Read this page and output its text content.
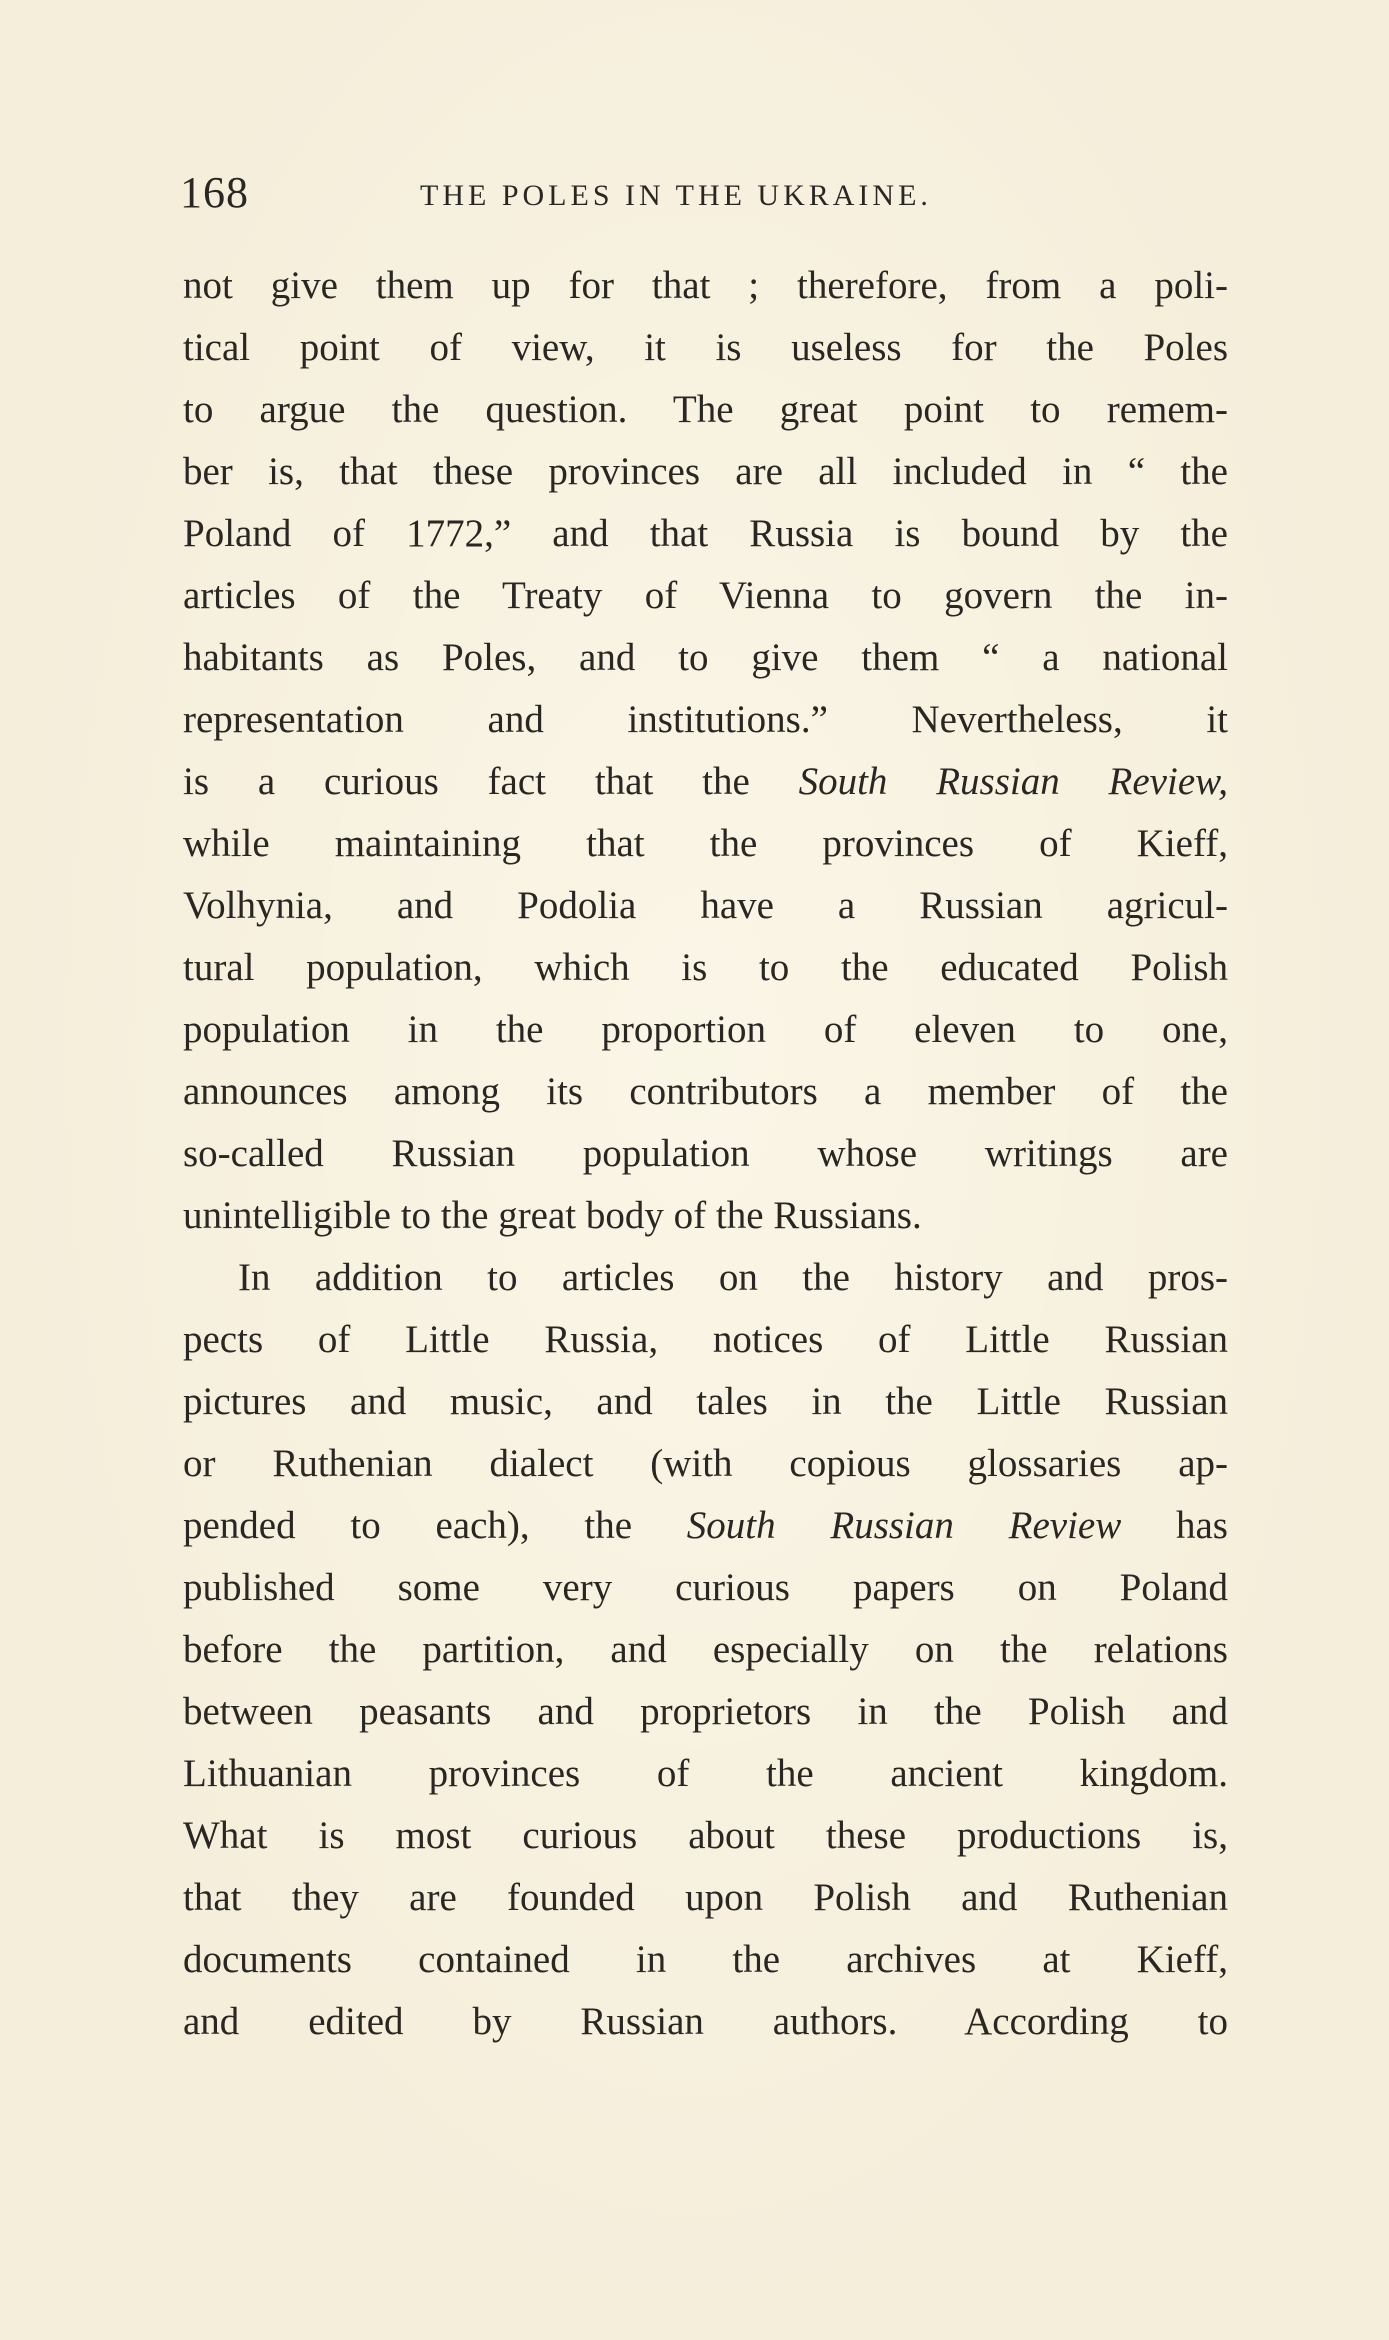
168	THE POLES IN THE UKRAINE.
not give them up for that ; therefore, from a poli-
tical point of view, it is useless for the Poles
to argue the question. The great point to remem-
ber is, that these provinces are all included in “ the
Poland of 1772,” and that Russia is bound by the
articles of the Treaty of Vienna to govern the in-
habitants as Poles, and to give them “ a national
representation and institutions.” Nevertheless, it
is a curious fact that the South Russian Review,
while maintaining that the provinces of Kieff,
Volhynia, and Podolia have a Russian agricul-
tural population, which is to the educated Polish
population in the proportion of eleven to one,
announces among its contributors a member of the
so-called Russian population whose writings are
unintelligible to the great body of the Russians.
In addition to articles on the history and pros-
pects of Little Russia, notices of Little Russian
pictures and music, and tales in the Little Russian
or Ruthenian dialect (with copious glossaries ap-
pended to each), the South Russian Review has
published some very curious papers on Poland
before the partition, and especially on the relations
between peasants and proprietors in the Polish and
Lithuanian provinces of the ancient kingdom.
What is most curious about these productions is,
that they are founded upon Polish and Ruthenian
documents contained in the archives at Kieff,
and edited by Russian authors. According to
